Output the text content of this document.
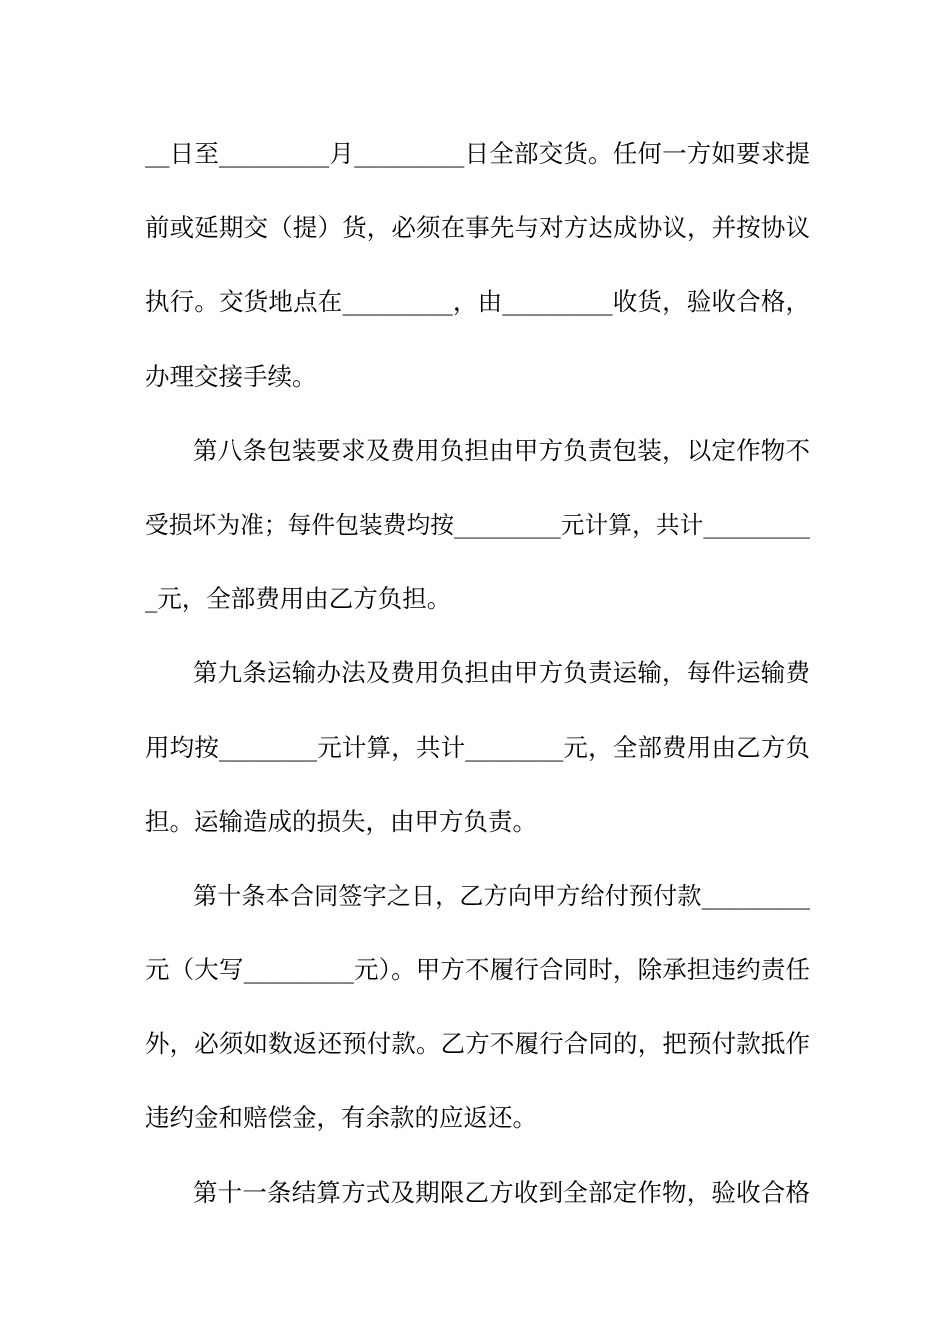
__日至_________月_________日全部交货。任何一方如要求提
前或延期交（提）货，必须在事先与对方达成协议，并按协议
执行。交货地点在_________，由_________收货，验收合格，
办理交接手续。
第八条包装要求及费用负担由甲方负责包装，以定作物不
受损坏为准；每件包装费均按_________元计算，共计_________
_元，全部费用由乙方负担。
第九条运输办法及费用负担由甲方负责运输，每件运输费
用均按________元计算，共计________元，全部费用由乙方负
担。运输造成的损失，由甲方负责。
第十条本合同签字之日，乙方向甲方给付预付款_________
元（大写_________元）。甲方不履行合同时，除承担违约责任
外，必须如数返还预付款。乙方不履行合同的，把预付款抵作
违约金和赔偿金，有余款的应返还。
第十一条结算方式及期限乙方收到全部定作物，验收合格
